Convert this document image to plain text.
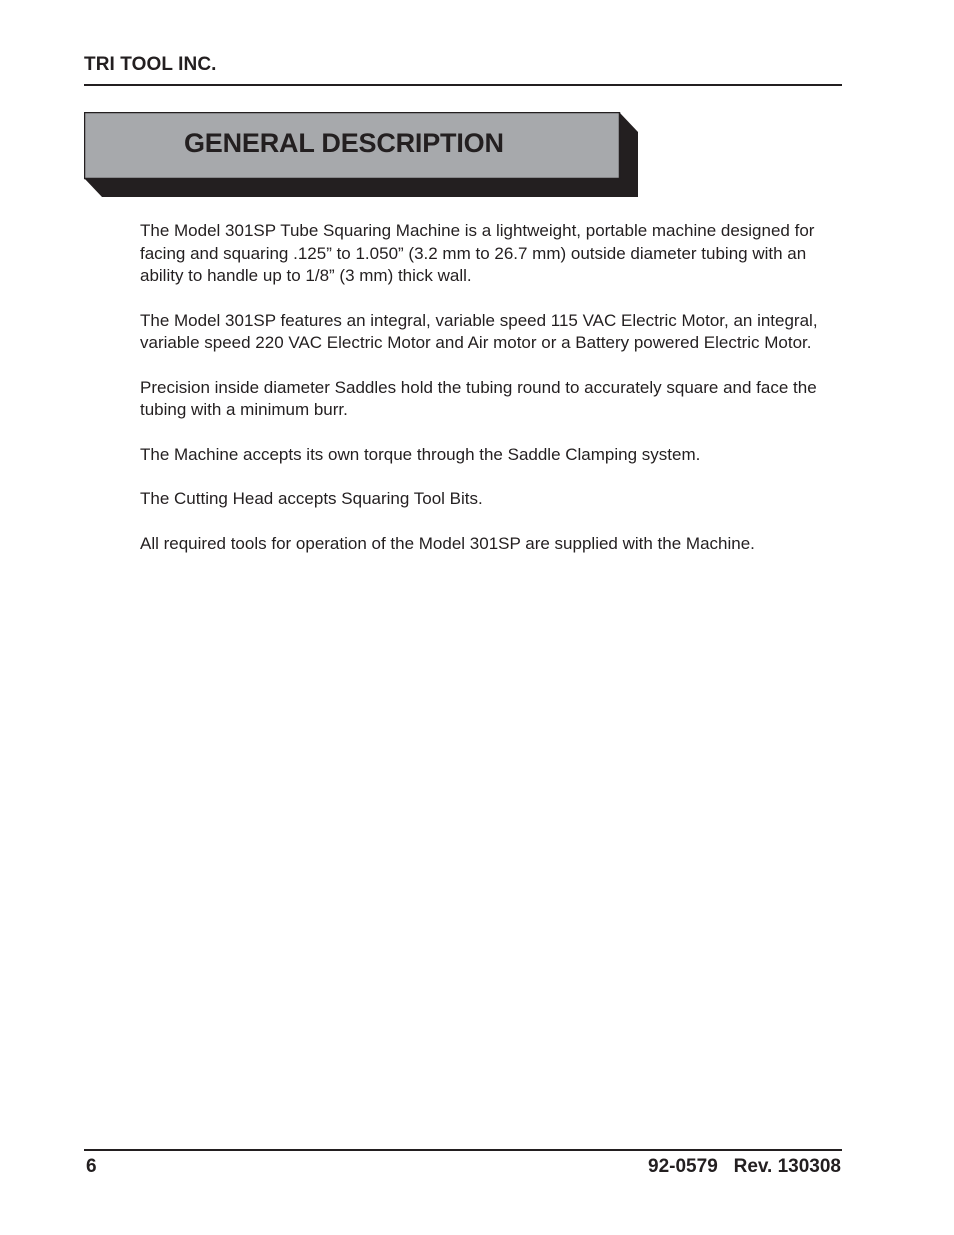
TRI TOOL INC.
GENERAL DESCRIPTION

The Model 301SP Tube Squaring Machine is a lightweight, portable machine designed for facing and squaring .125” to 1.050” (3.2 mm to 26.7 mm) outside diameter tubing with an ability to handle up to 1/8” (3 mm) thick wall.

The Model 301SP features an integral, variable speed 115 VAC Electric Motor, an integral, variable speed 220 VAC Electric Motor and Air motor or a Battery powered Electric Motor.

Precision inside diameter Saddles hold the tubing round to accurately square and face the tubing with a minimum burr.

The Machine accepts its own torque through the Saddle Clamping system.

The Cutting Head accepts Squaring Tool Bits.

All required tools for operation of the Model 301SP are supplied with the Machine.

6	92-0579   Rev. 130308
